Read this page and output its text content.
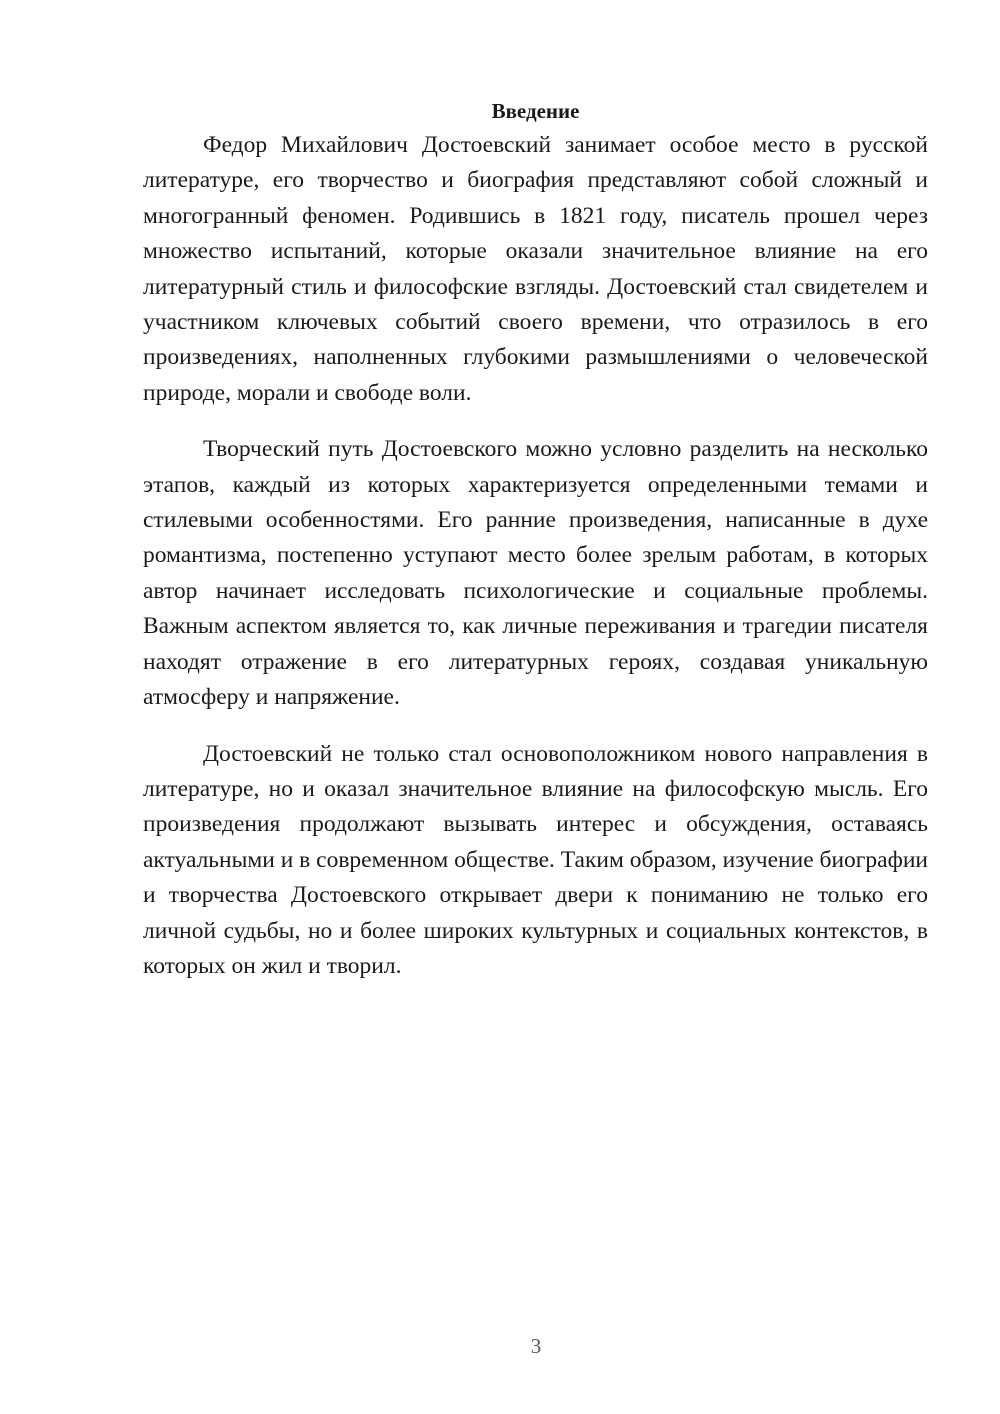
Введение

Федор Михайлович Достоевский занимает особое место в русской литературе, его творчество и биография представляют собой сложный и многогранный феномен. Родившись в 1821 году, писатель прошел через множество испытаний, которые оказали значительное влияние на его литературный стиль и философские взгляды. Достоевский стал свидетелем и участником ключевых событий своего времени, что отразилось в его произведениях, наполненных глубокими размышлениями о человеческой природе, морали и свободе воли.

Творческий путь Достоевского можно условно разделить на несколько этапов, каждый из которых характеризуется определенными темами и стилевыми особенностями. Его ранние произведения, написанные в духе романтизма, постепенно уступают место более зрелым работам, в которых автор начинает исследовать психологические и социальные проблемы. Важным аспектом является то, как личные переживания и трагедии писателя находят отражение в его литературных героях, создавая уникальную атмосферу и напряжение.

Достоевский не только стал основоположником нового направления в литературе, но и оказал значительное влияние на философскую мысль. Его произведения продолжают вызывать интерес и обсуждения, оставаясь актуальными и в современном обществе. Таким образом, изучение биографии и творчества Достоевского открывает двери к пониманию не только его личной судьбы, но и более широких культурных и социальных контекстов, в которых он жил и творил.

3
